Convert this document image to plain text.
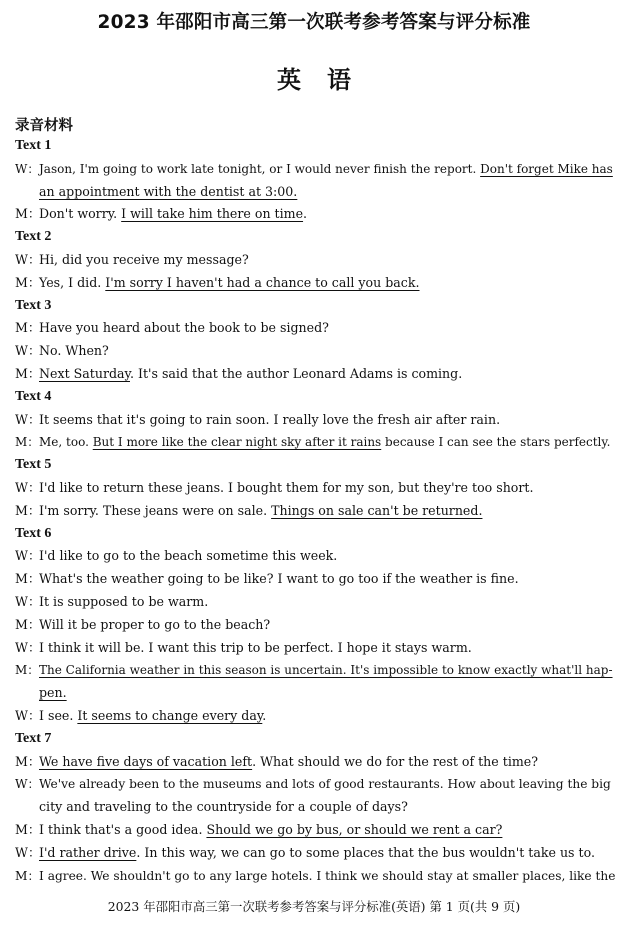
2023 年邵阳市高三第一次联考参考答案与评分标准
英语
录音材料
Text 1
W：Jason, I'm going to work late tonight, or I would never finish the report. Don't forget Mike has
an appointment with the dentist at 3:00.
M：Don't worry. I will take him there on time.
Text 2
W：Hi, did you receive my message?
M：Yes, I did. I'm sorry I haven't had a chance to call you back.
Text 3
M：Have you heard about the book to be signed?
W：No. When?
M：Next Saturday. It's said that the author Leonard Adams is coming.
Text 4
W：It seems that it's going to rain soon. I really love the fresh air after rain.
M：Me, too. But I more like the clear night sky after it rains because I can see the stars perfectly.
Text 5
W：I'd like to return these jeans. I bought them for my son, but they're too short.
M：I'm sorry. These jeans were on sale. Things on sale can't be returned.
Text 6
W：I'd like to go to the beach sometime this week.
M：What's the weather going to be like? I want to go too if the weather is fine.
W：It is supposed to be warm.
M：Will it be proper to go to the beach?
W：I think it will be. I want this trip to be perfect. I hope it stays warm.
M：The California weather in this season is uncertain. It's impossible to know exactly what'll hap-
pen.
W：I see. It seems to change every day.
Text 7
M：We have five days of vacation left. What should we do for the rest of the time?
W：We've already been to the museums and lots of good restaurants. How about leaving the big
city and traveling to the countryside for a couple of days?
M：I think that's a good idea. Should we go by bus, or should we rent a car?
W：I'd rather drive. In this way, we can go to some places that the bus wouldn't take us to.
M：I agree. We shouldn't go to any large hotels. I think we should stay at smaller places, like the
2023 年邵阳市高三第一次联考参考答案与评分标准(英语) 第 1 页(共 9 页)
